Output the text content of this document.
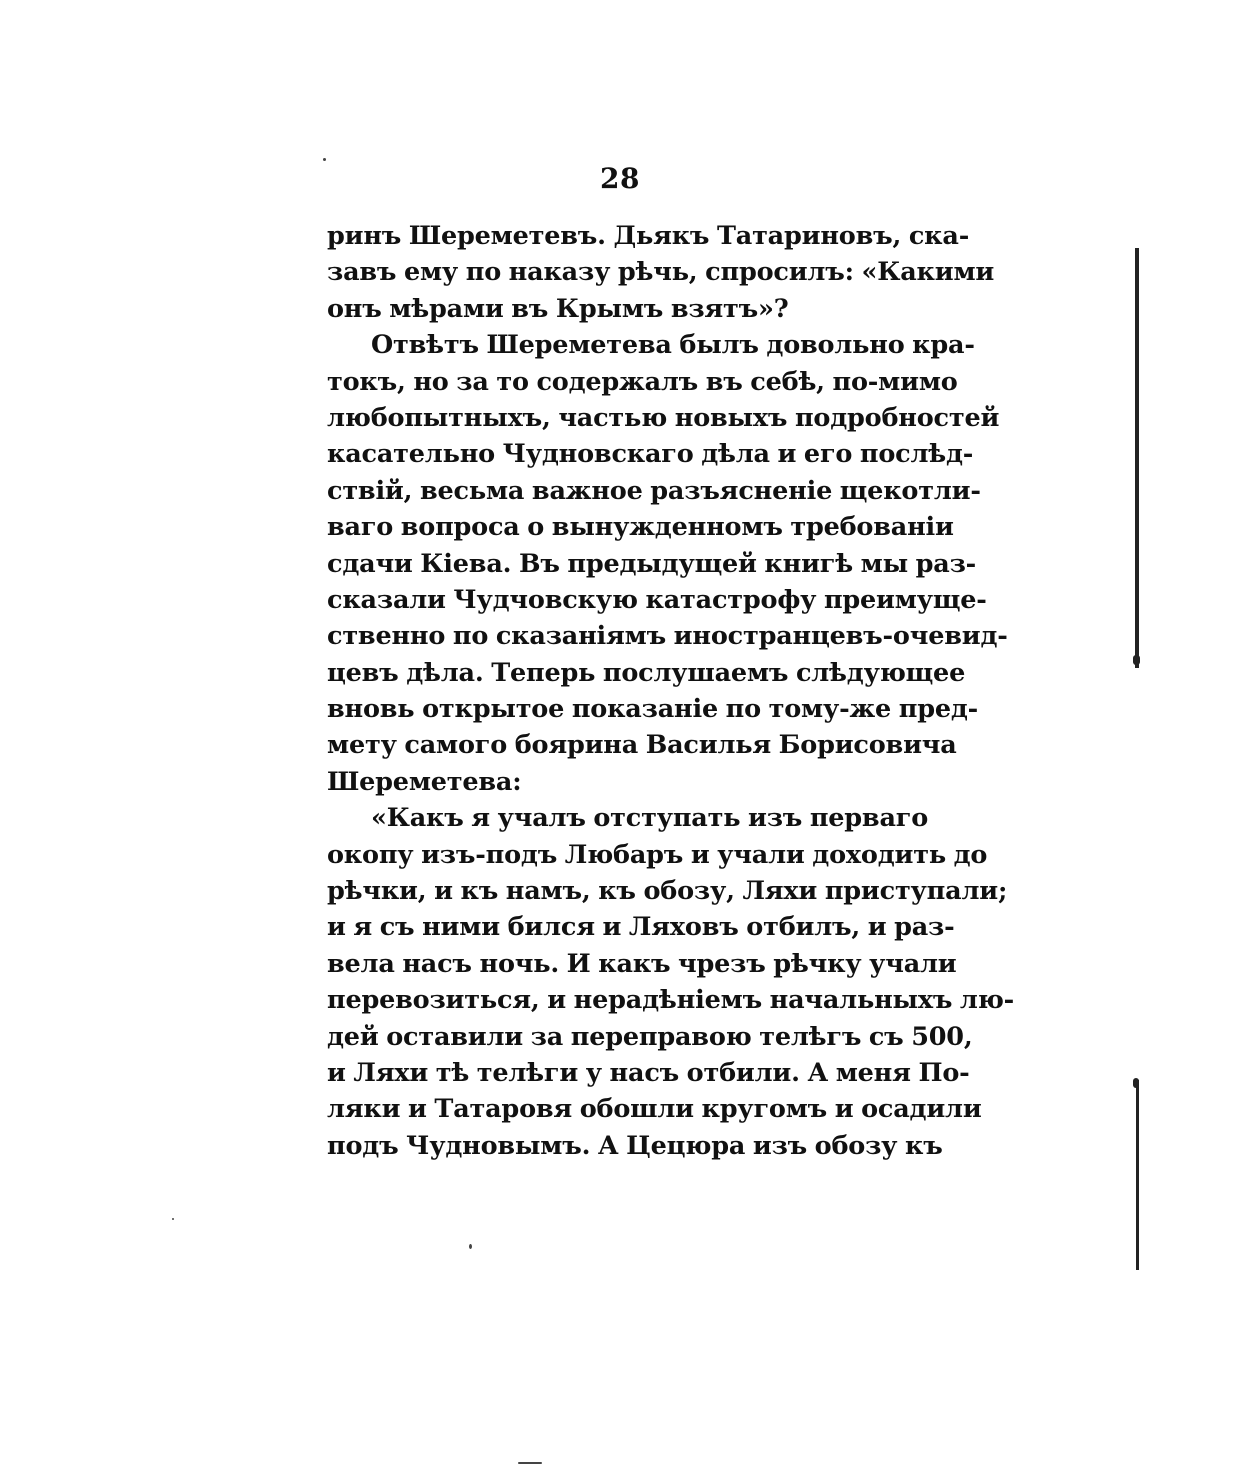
28
ринъ Шереметевъ. Дьякъ Татариновъ, ска-
завъ ему по наказу рѣчь, спросилъ: «Какими
онъ мѣрами въ Крымъ взятъ»?
Отвѣтъ Шереметева былъ довольно кра-
токъ, но за то содержалъ въ себѣ, по-мимо
любопытныхъ, частью новыхъ подробностей
касательно Чудновскаго дѣла и его послѣд-
ствій, весьма важное разъясненіе щекотли-
ваго вопроса о вынужденномъ требованіи
сдачи Кіева. Въ предыдущей книгѣ мы раз-
сказали Чудчовскую катастрофу преимуще-
ственно по сказаніямъ иностранцевъ-очевид-
цевъ дѣла. Теперь послушаемъ слѣдующее
вновь открытое показаніе по тому-же пред-
мету самого боярина Василья Борисовича
Шереметева:
«Какъ я учалъ отступать изъ перваго
окопу изъ-подъ Любаръ и учали доходить до
рѣчки, и къ намъ, къ обозу, Ляхи приступали;
и я съ ними бился и Ляховъ отбилъ, и раз-
вела насъ ночь. И какъ чрезъ рѣчку учали
перевозиться, и нерадѣніемъ начальныхъ лю-
дей оставили за переправою телѣгъ съ 500,
и Ляхи тѣ телѣги у насъ отбили. А меня По-
ляки и Татаровя обошли кругомъ и осадили
подъ Чудновымъ. А Цецюра изъ обозу къ
